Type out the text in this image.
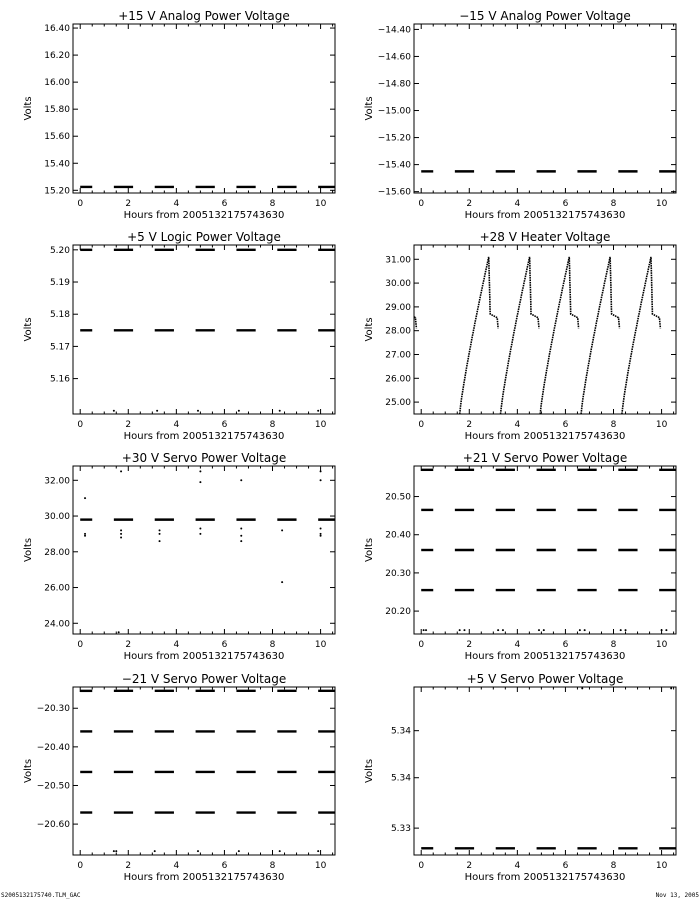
+15 V Analog Power Voltage
Hours from 2005132175743630
Volts
0	2	4	6	8	10
15.20
15.40
15.60
15.80
16.00
16.20
16.40
−15 V Analog Power Voltage
Hours from 2005132175743630
Volts
0	2	4	6	8	10
−15.60
−15.40
−15.20
−15.00
−14.80
−14.60
−14.40
+5 V Logic Power Voltage
Hours from 2005132175743630
Volts
0	2	4	6	8	10
5.16
5.17
5.18
5.19
5.20
+28 V Heater Voltage
Hours from 2005132175743630
Volts
0	2	4	6	8	10
25.00
26.00
27.00
28.00
29.00
30.00
31.00
+30 V Servo Power Voltage
Hours from 2005132175743630
Volts
0	2	4	6	8	10
24.00
26.00
28.00
30.00
32.00
+21 V Servo Power Voltage
Hours from 2005132175743630
Volts
0	2	4	6	8	10
20.20
20.30
20.40
20.50
−21 V Servo Power Voltage
Hours from 2005132175743630
Volts
0	2	4	6	8	10
−20.60
−20.50
−20.40
−20.30
+5 V Servo Power Voltage
Hours from 2005132175743630
Volts
0	2	4	6	8	10
5.33
5.34
5.34
S2005132175740.TLM_GAC	Nov 13, 2005
